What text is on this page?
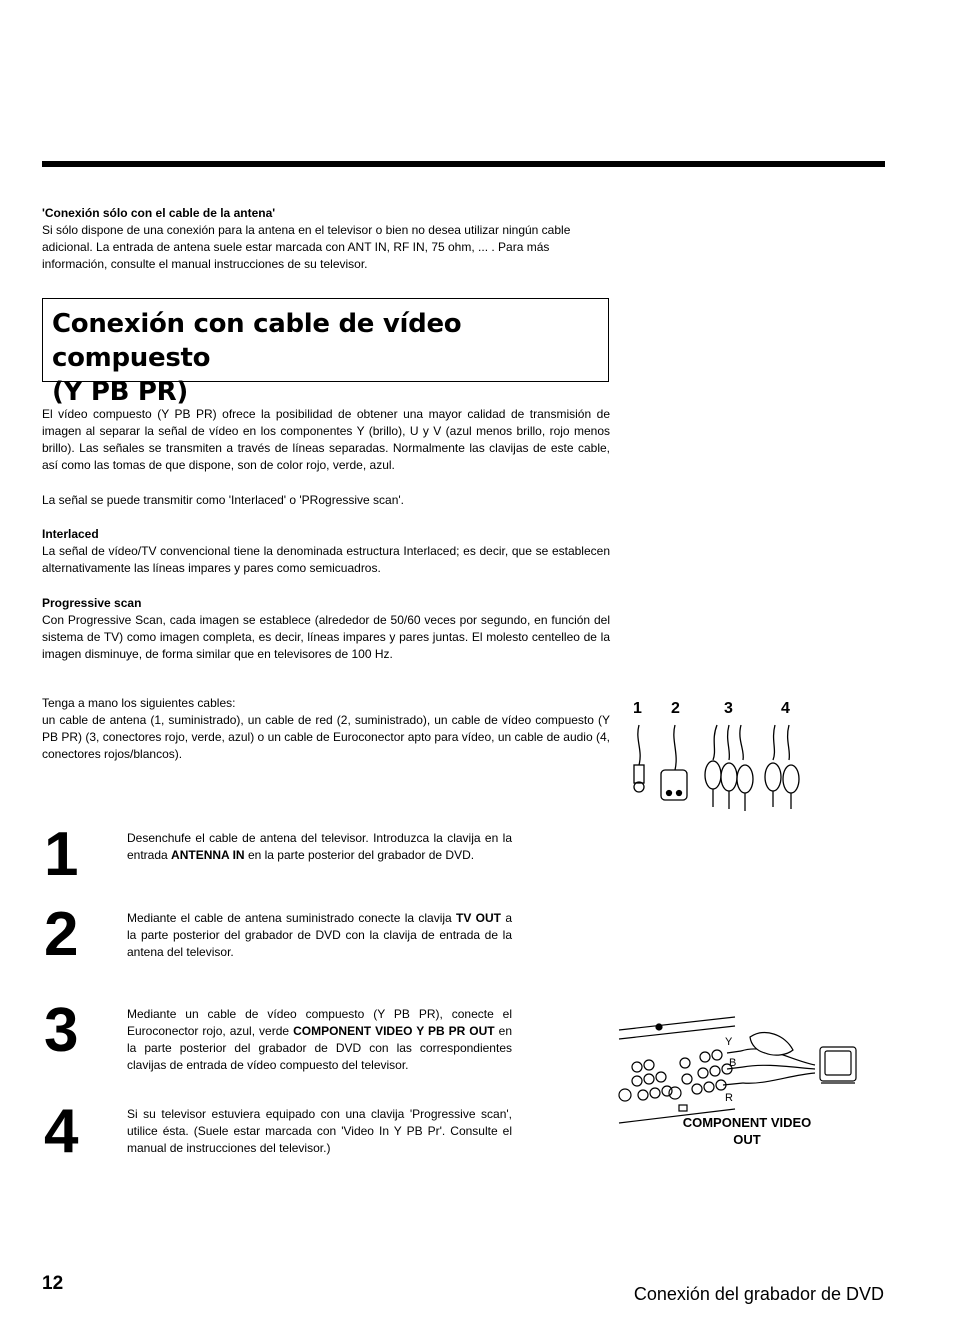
'Conexión sólo con el cable de la antena'
Si sólo dispone de una conexión para la antena en el televisor o bien no desea utilizar ningún cable adicional. La entrada de antena suele estar marcada con ANT IN, RF IN, 75 ohm, ... . Para más información, consulte el manual instrucciones de su televisor.
Conexión con cable de vídeo compuesto
(Y PB PR)
El vídeo compuesto (Y PB PR) ofrece la posibilidad de obtener una mayor calidad de transmisión de imagen al separar la señal de vídeo en los componentes Y (brillo), U y V (azul menos brillo, rojo menos brillo). Las señales se transmiten a través de líneas separadas. Normalmente las clavijas de este cable, así como las tomas de que dispone, son de color rojo, verde, azul.
La señal se puede transmitir como 'Interlaced' o 'PRogressive scan'.
Interlaced
La señal de vídeo/TV convencional tiene la denominada estructura Interlaced; es decir, que se establecen alternativamente las líneas impares y pares como semicuadros.
Progressive scan
Con Progressive Scan, cada imagen se establece (alrededor de 50/60 veces por segundo, en función del sistema de TV) como imagen completa, es decir, líneas impares y pares juntas. El molesto centelleo de la imagen disminuye, de forma similar que en televisores de 100 Hz.
Tenga a mano los siguientes cables:
un cable de antena (1, suministrado), un cable de red (2, suministrado), un cable de vídeo compuesto (Y PB PR) (3, conectores rojo, verde, azul) o un cable de Euroconector apto para vídeo, un cable de audio (4, conectores rojos/blancos).
1 2	3	4
1	Desenchufe el cable de antena del televisor. Introduzca la clavija en la entrada ANTENNA IN en la parte posterior del grabador de DVD.
2	Mediante el cable de antena suministrado conecte la clavija TV OUT a la parte posterior del grabador de DVD con la clavija de entrada de la antena del televisor.
3	Mediante un cable de vídeo compuesto (Y PB PR), conecte el Euroconector rojo, azul, verde COMPONENT VIDEO Y PB PR OUT en la parte posterior del grabador de DVD con las correspondientes clavijas de entrada de vídeo compuesto del televisor.
4	Si su televisor estuviera equipado con una clavija 'Progressive scan', utilice ésta. (Suele estar marcada con 'Video In Y PB Pr'. Consulte el manual de instrucciones del televisor.)
Y
B
R
COMPONENT VIDEO
OUT
12	Conexión del grabador de DVD
